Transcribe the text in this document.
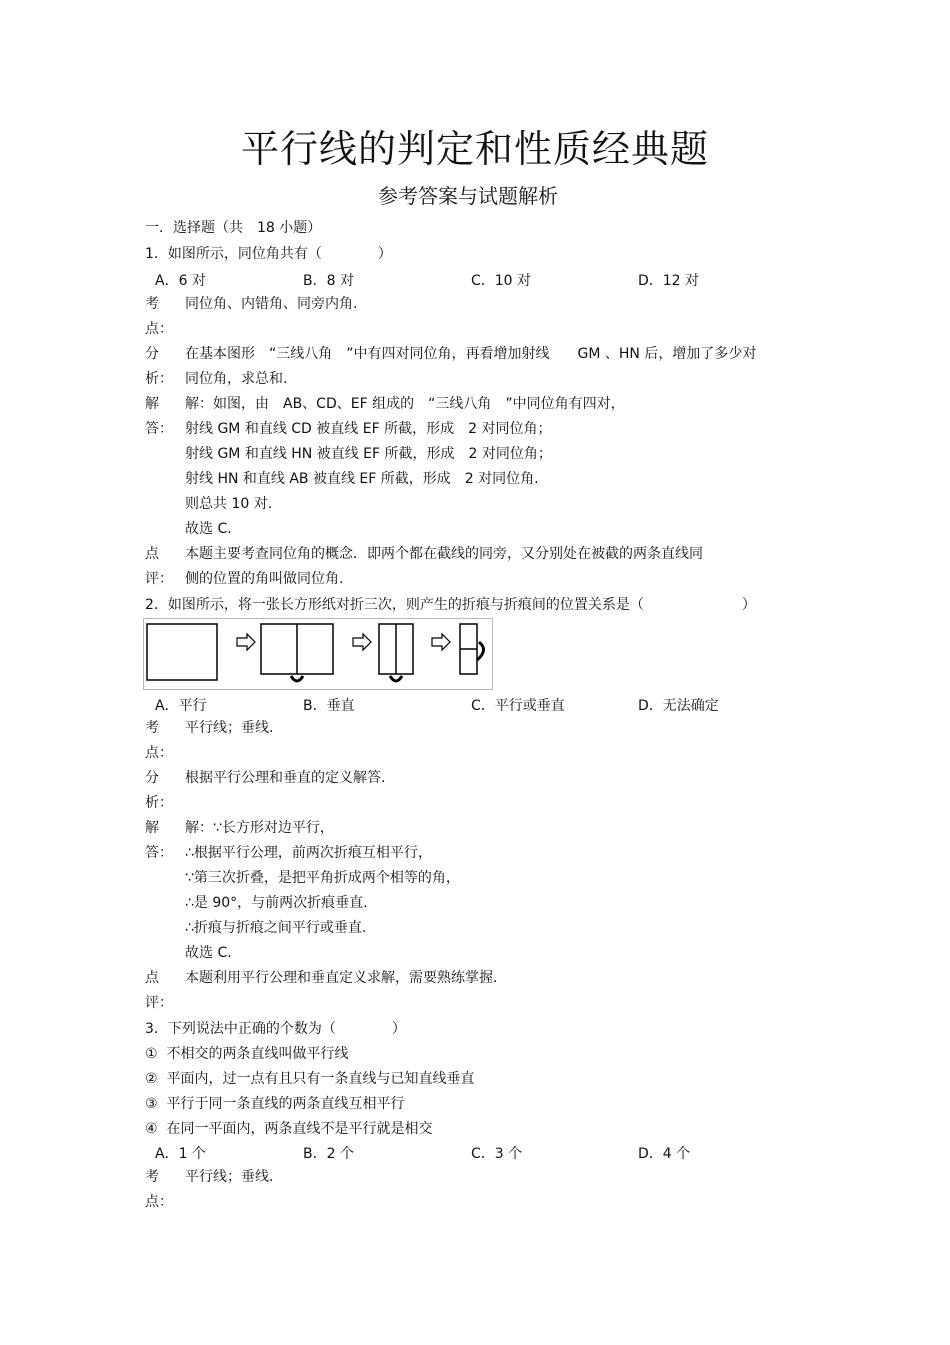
平行线的判定和性质经典题
参考答案与试题解析
一．选择题（共　18 小题）
1．如图所示，同位角共有（　　　　）
A．6 对	B．8 对	C．10 对	D．12 对
考
点：
同位角、内错角、同旁内角.
分
析：
在基本图形　“三线八角　”中有四对同位角，再看增加射线　　GM 、HN 后，增加了多少对
同位角，求总和.
解
答：
解：如图，由　AB、CD、EF 组成的　“三线八角　”中同位角有四对，
射线 GM 和直线 CD 被直线 EF 所截，形成　2 对同位角；
射线 GM 和直线 HN 被直线 EF 所截，形成　2 对同位角；
射线 HN 和直线 AB 被直线 EF 所截，形成　2 对同位角.
则总共 10 对.
故选 C.
点
评：
本题主要考查同位角的概念．即两个都在截线的同旁，又分别处在被截的两条直线同
侧的位置的角叫做同位角.
2．如图所示，将一张长方形纸对折三次，则产生的折痕与折痕间的位置关系是（　　　　　　　）
A．平行	B．垂直	C．平行或垂直	D．无法确定
考
点：
平行线；垂线.
分
析：
根据平行公理和垂直的定义解答.
解
答：
解：∵长方形对边平行，
∴根据平行公理，前两次折痕互相平行，
∵第三次折叠，是把平角折成两个相等的角，
∴是 90°，与前两次折痕垂直.
∴折痕与折痕之间平行或垂直.
故选 C.
点
评：
本题利用平行公理和垂直定义求解，需要熟练掌握.
3．下列说法中正确的个数为（　　　　）
①  不相交的两条直线叫做平行线
②  平面内，过一点有且只有一条直线与已知直线垂直
③  平行于同一条直线的两条直线互相平行
④  在同一平面内，两条直线不是平行就是相交
A．1 个	B．2 个	C．3 个	D．4 个
考
点：
平行线；垂线.
